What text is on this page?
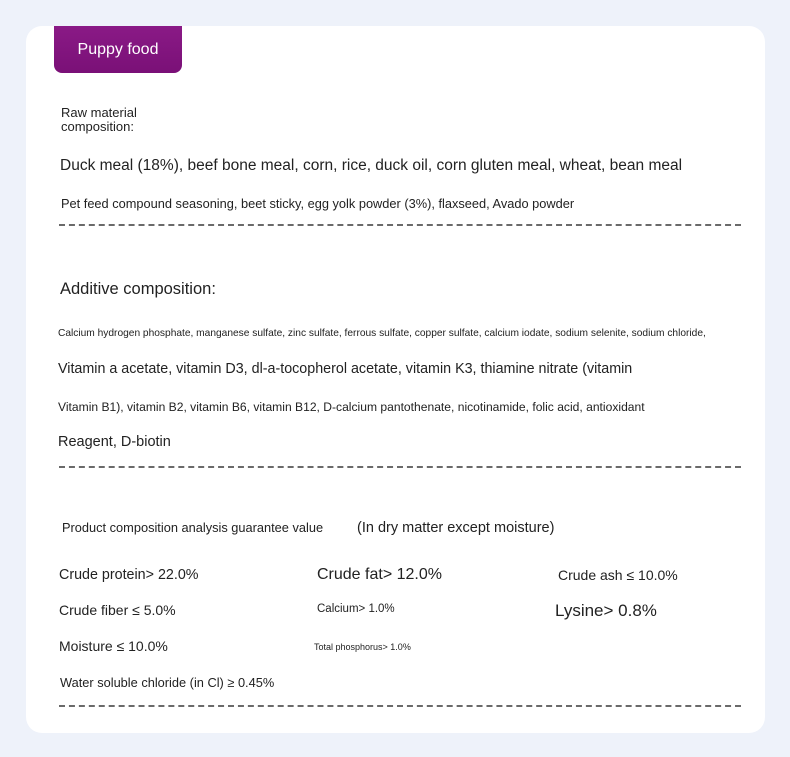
Puppy food
Raw material
composition:
Duck meal (18%), beef bone meal, corn, rice, duck oil, corn gluten meal, wheat, bean meal
Pet feed compound seasoning, beet sticky, egg yolk powder (3%), flaxseed, Avado powder
Additive composition:
Calcium hydrogen phosphate, manganese sulfate, zinc sulfate, ferrous sulfate, copper sulfate, calcium iodate, sodium selenite, sodium chloride,
Vitamin a acetate, vitamin D3, dl-a-tocopherol acetate, vitamin K3, thiamine nitrate (vitamin
Vitamin B1), vitamin B2, vitamin B6, vitamin B12, D-calcium pantothenate, nicotinamide, folic acid, antioxidant
Reagent, D-biotin
Product composition analysis guarantee value (In dry matter except moisture)
Crude protein> 22.0%	Crude fat> 12.0%	Crude ash ≤ 10.0%
Crude fiber ≤ 5.0%	Calcium> 1.0%	Lysine> 0.8%
Moisture ≤ 10.0%	Total phosphorus> 1.0%
Water soluble chloride (in Cl) ≥ 0.45%
